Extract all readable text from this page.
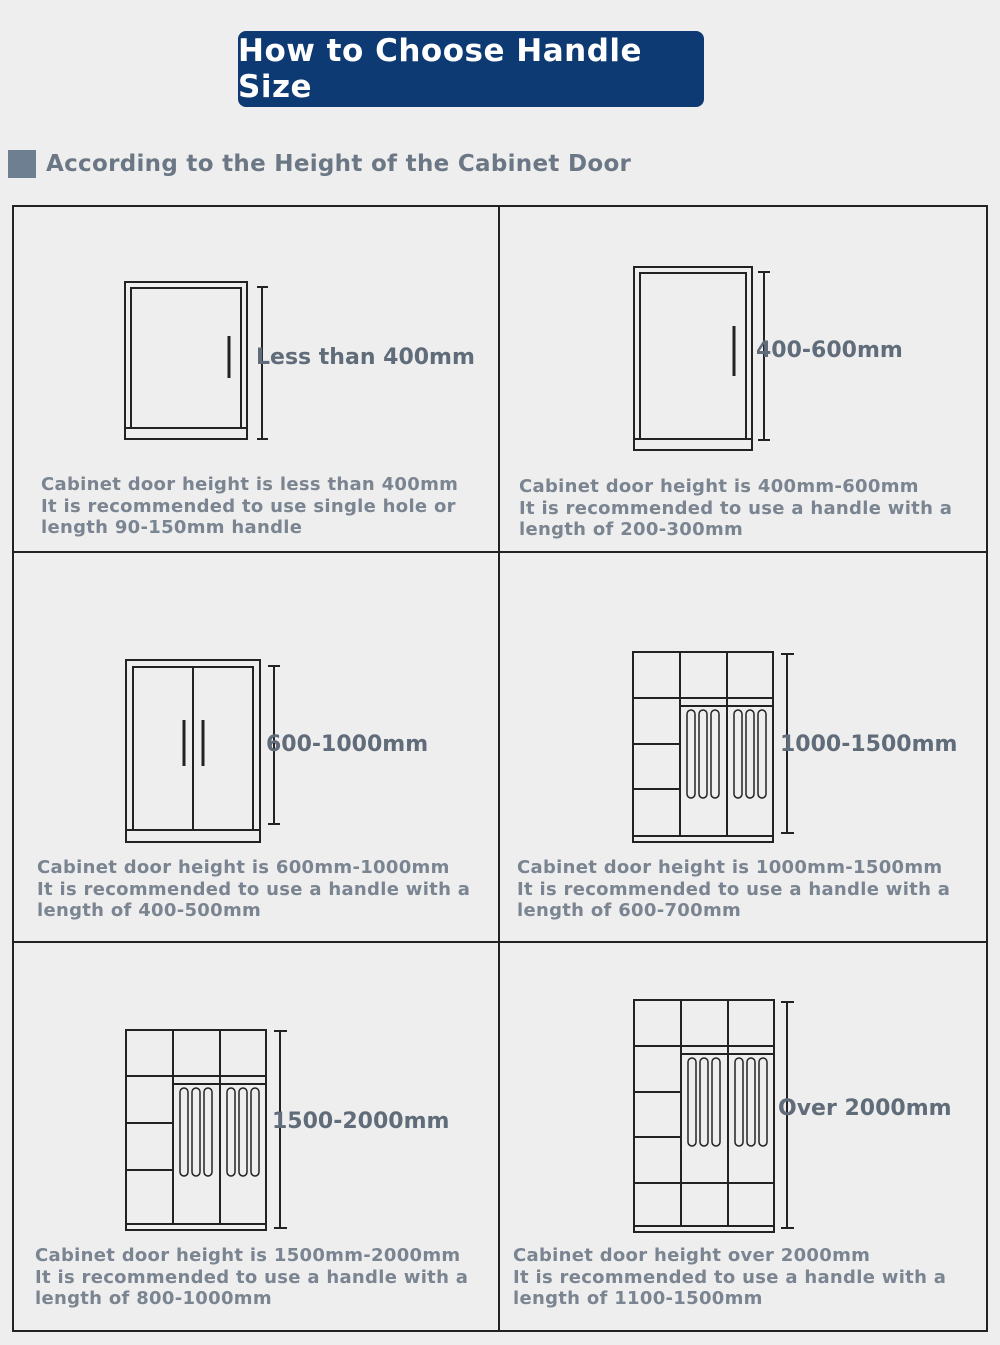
How to Choose Handle Size
According to the Height of the Cabinet Door
Less than 400mm
Cabinet door height is less than 400mm
It is recommended to use single hole or
length 90-150mm handle
400-600mm
Cabinet door height is 400mm-600mm
It is recommended to use a handle with a
length of 200-300mm
600-1000mm
Cabinet door height is 600mm-1000mm
It is recommended to use a handle with a
length of 400-500mm
1000-1500mm
Cabinet door height is 1000mm-1500mm
It is recommended to use a handle with a
length of 600-700mm
1500-2000mm
Cabinet door height is 1500mm-2000mm
It is recommended to use a handle with a
length of 800-1000mm
Over 2000mm
Cabinet door height over 2000mm
It is recommended to use a handle with a
length of 1100-1500mm
